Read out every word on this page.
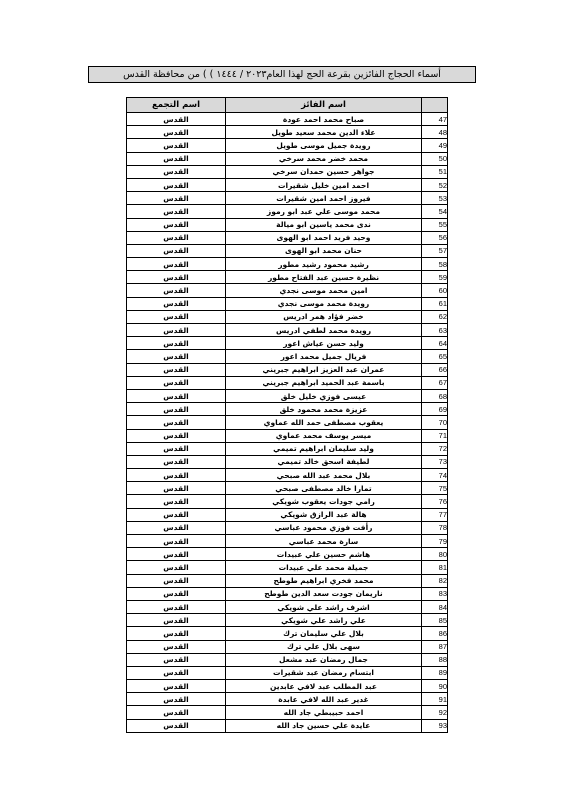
أسماء الحجاج الفائزين بقرعة الحج لهذا العام٢٠٢٣ / ١٤٤٤ ) ) من محافظة القدس
اسم التجمع	اسم الفائز	
القدس	صباح محمد احمد عودة	47
القدس	علاء الدين محمد سعيد طويل	48
القدس	رويدة جميل موسى طويل	49
القدس	محمد خضر محمد سرخي	50
القدس	جواهر حسين حمدان سرخي	51
القدس	احمد امين خليل شقيرات	52
القدس	فيروز احمد امين شقيرات	53
القدس	محمد موسى علي عبد ابو رموز	54
القدس	ندى محمد ياسين ابو ميالة	55
القدس	وحيد فريد احمد ابو الهوى	56
القدس	حنان محمد ابو الهوى	57
القدس	رشيد محمود رشيد مطور	58
القدس	نظيرة حسين عبد الفتاح مطور	59
القدس	امين محمد موسى نجدي	60
القدس	رويدة محمد موسى نجدي	61
القدس	خضر فؤاد همر ادريس	62
القدس	رويدة محمد لطفي ادريس	63
القدس	وليد حسن عياش اعور	64
القدس	فريال جميل محمد اعور	65
القدس	عمران عبد العزيز ابراهيم جبريني	66
القدس	باسمة عبد الحميد ابراهيم جبريني	67
القدس	عيسى فوزي خليل خلق	68
القدس	عزيزة محمد محمود خلق	69
القدس	يعقوب مصطفى حمد الله عماوي	70
القدس	ميسر يوسف محمد عماوي	71
القدس	وليد سليمان ابراهيم تميمي	72
القدس	لطيفة اسحق خالد تميمي	73
القدس	بلال محمد عبد الله صبحي	74
القدس	تمارا خالد مصطفى صبحي	75
القدس	رامي جودات يعقوب شويكي	76
القدس	هالة عبد الرازق شويكي	77
القدس	رأفت فوزي محمود عباسي	78
القدس	سارة محمد عباسي	79
القدس	هاشم حسين علي عبيدات	80
القدس	جميلة محمد علي عبيدات	81
القدس	محمد فخري ابراهيم طوطح	82
القدس	ناريمان جودت سعد الدين طوطح	83
القدس	اشرف راشد علي شويكي	84
القدس	علي راشد علي شويكي	85
القدس	بلال علي سليمان ترك	86
القدس	سهى بلال علي ترك	87
القدس	جمال رمضان عبد مشعل	88
القدس	ابتسام رمضان عبد شقيرات	89
القدس	عبد المطلب عبد لافي عابدين	90
القدس	غدير عبد الله لافي عابدة	91
القدس	احمد حبيبطي جاد الله	92
القدس	عايدة علي حسين جاد الله	93
